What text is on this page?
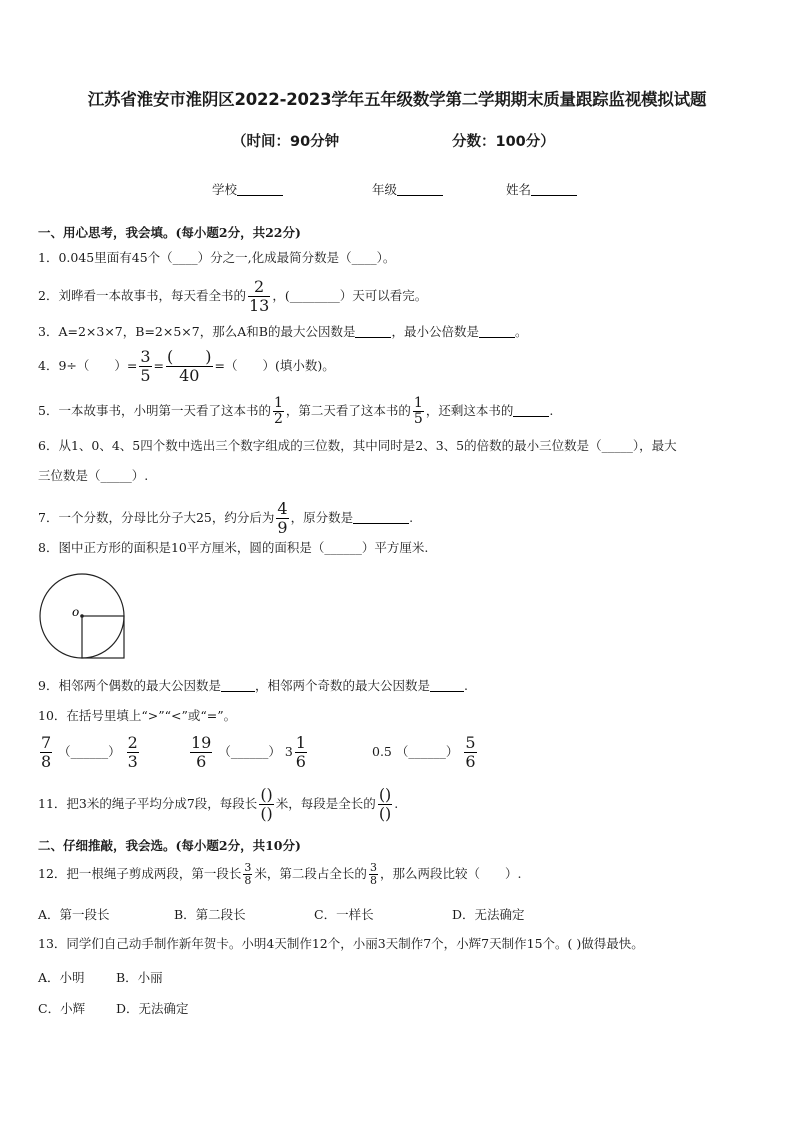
江苏省淮安市淮阴区2022-2023学年五年级数学第二学期期末质量跟踪监视模拟试题
（时间：90分钟	分数：100分）
学校	年级	姓名
一、用心思考，我会填。(每小题2分，共22分)
1．0.045里面有45个（____）分之一,化成最简分数是（____）。
2．刘晔看一本故事书，每天看全书的 $\frac{2}{13}$ ，(________）天可以看完。
3．A=2×3×7，B=2×5×7，那么A和B的最大公因数是	，最小公倍数是	。
4．9÷（　　）= $\frac{3}{5} = \frac{( )}{40}$ =（　　）(填小数)。
5．一本故事书，小明第一天看了这本书的 $\frac{1}{2}$ ，第二天看了这本书的 $\frac{1}{5}$ ，还剩这本书的	.
6．从1、0、4、5四个数中选出三个数字组成的三位数，其中同时是2、3、5的倍数的最小三位数是（_____），最大
三位数是（_____）.
7．一个分数，分母比分子大25，约分后为 $\frac{4}{9}$ ，原分数是	.
8．图中正方形的面积是10平方厘米，圆的面积是（______）平方厘米.
o
9．相邻两个偶数的最大公因数是	，相邻两个奇数的最大公因数是	.
10．在括号里填上“>”“<”或“=”。
$\frac{7}{8}$ （______） $\frac{2}{3}$	$\frac{19}{6}$ （______） $3 \frac{1}{6}$	0.5 （______） $\frac{5}{6}$
11．把3米的绳子平均分成7段，每段长 $\frac{()}{()}$ 米，每段是全长的 $\frac{()}{()}$ .
二、仔细推敲，我会选。(每小题2分，共10分)
12．把一根绳子剪成两段，第一段长 $\frac{3}{8}$ 米，第二段占全长的 $\frac{3}{8}$ ，那么两段比较（　　）.
A．第一段长	B．第二段长	C．一样长	D．无法确定
13．同学们自己动手制作新年贺卡。小明4天制作12个，小丽3天制作7个，小辉7天制作15个。( )做得最快。
A．小明	B．小丽
C．小辉 D．无法确定
